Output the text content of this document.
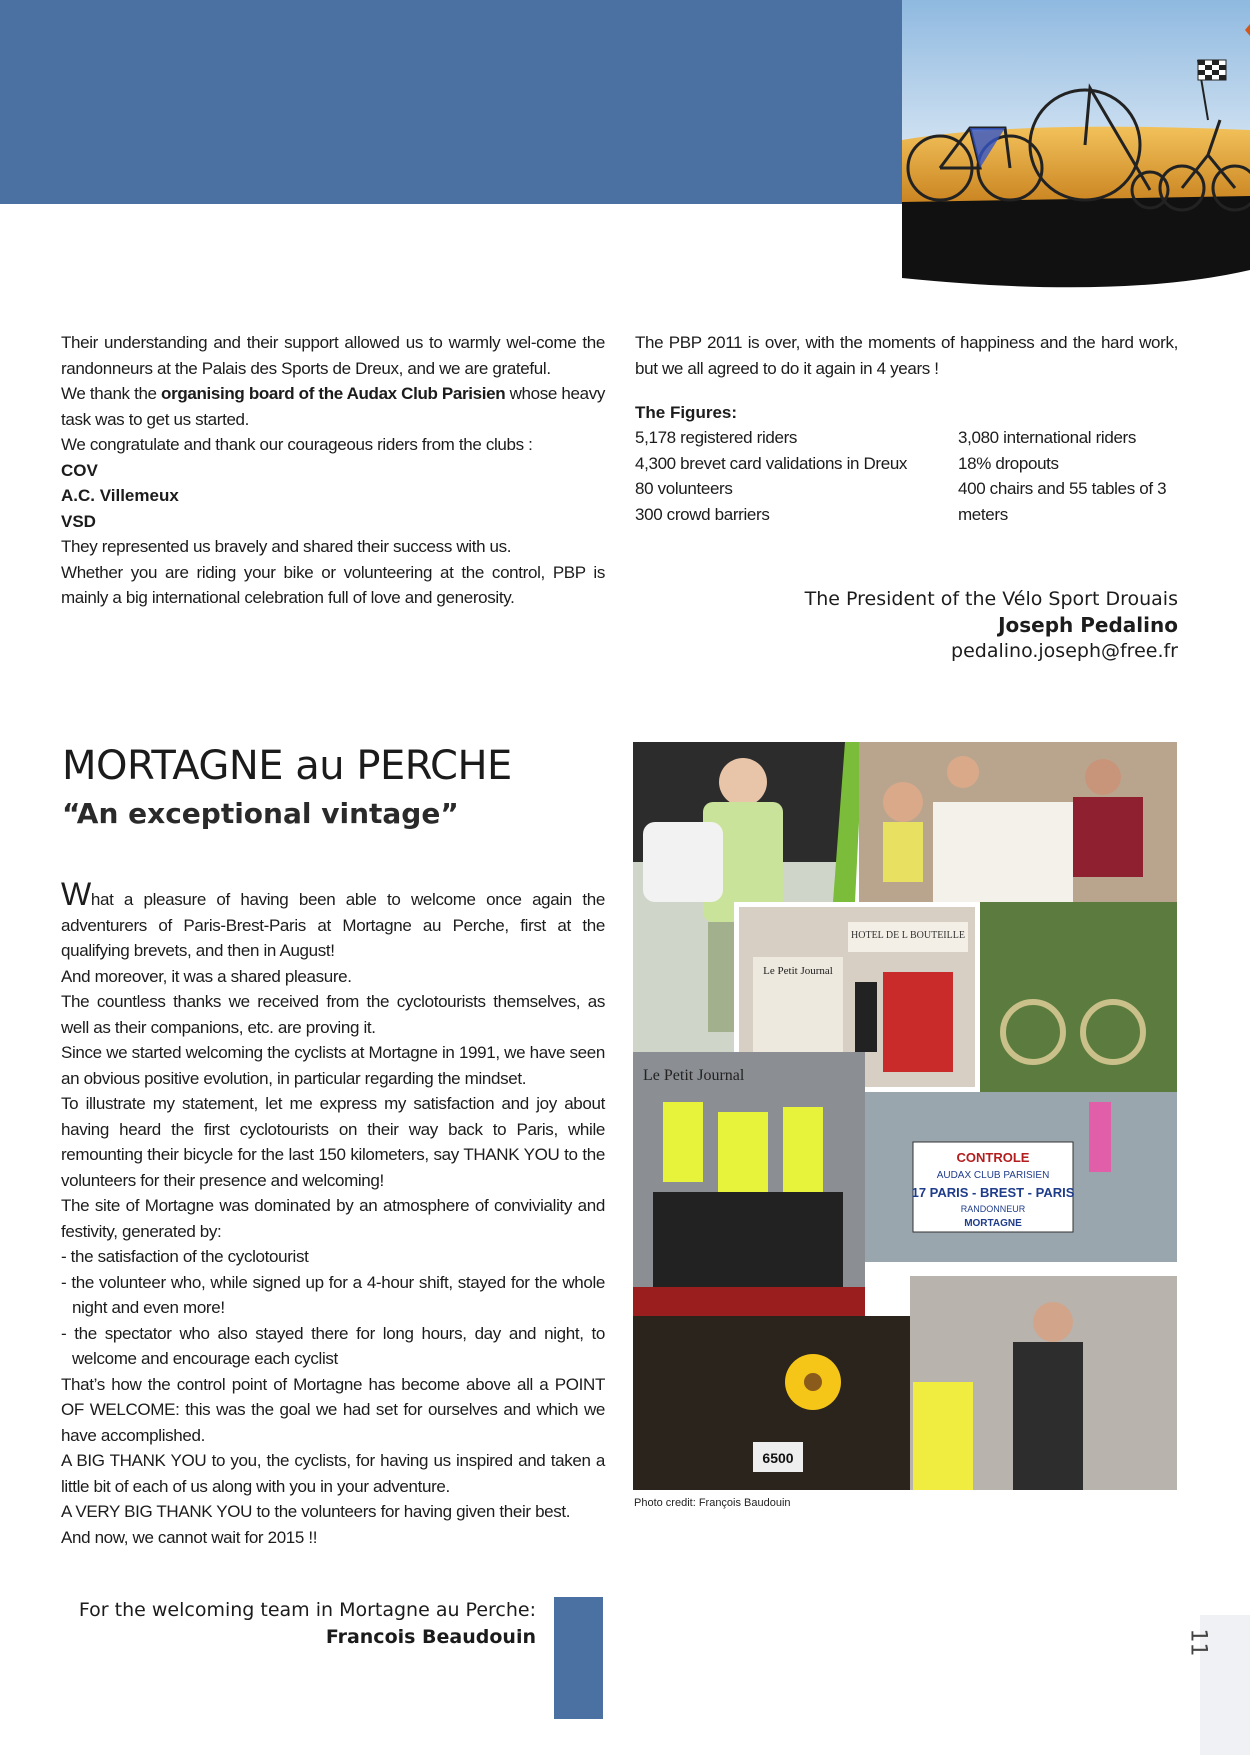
Their understanding and their support allowed us to warmly wel-come the randonneurs at the Palais des Sports de Dreux, and we are grateful.

We thank the organising board of the Audax Club Parisien whose heavy task was to get us started.

We congratulate and thank our courageous riders from the clubs :

COV

A.C. Villemeux

VSD

They represented us bravely and shared their success with us.

Whether you are riding your bike or volunteering at the control, PBP is mainly a big international celebration full of love and generosity.

The PBP 2011 is over, with the moments of happiness and the hard work, but we all agreed to do it again in 4 years !

The Figures:

5,178 registered riders
4,300 brevet card validations in Dreux
80 volunteers
300 crowd barriers
3,080 international riders
18% dropouts
400 chairs and 55 tables of 3 meters
The President of the Vélo Sport Drouais
Joseph Pedalino
pedalino.joseph@free.fr
MORTAGNE au PERCHE
“An exceptional vintage”

What a pleasure of having been able to welcome once again the adventurers of Paris-Brest-Paris at Mortagne au Perche, first at the qualifying brevets, and then in August!

And moreover, it was a shared pleasure.

The countless thanks we received from the cyclotourists themselves, as well as their companions, etc. are proving it.

Since we started welcoming the cyclists at Mortagne in 1991, we have seen an obvious positive evolution, in particular regarding the mindset.

To illustrate my statement, let me express my satisfaction and joy about having heard the first cyclotourists on their way back to Paris, while remounting their bicycle for the last 150 kilometers, say THANK YOU to the volunteers for their presence and welcoming!

The site of Mortagne was dominated by an atmosphere of conviviality and festivity, generated by:

- the satisfaction of the cyclotourist

- the volunteer who, while signed up for a 4-hour shift, stayed for the whole night and even more!

- the spectator who also stayed there for long hours, day and night, to welcome and encourage each cyclist

That’s how the control point of Mortagne has become above all a POINT OF WELCOME: this was the goal we had set for ourselves and which we have accomplished.

A BIG THANK YOU to you, the cyclists, for having us inspired and taken a little bit of each of us along with you in your adventure.

A VERY BIG THANK YOU to the volunteers for having given their best.

And now, we cannot wait for 2015 !!

For the welcoming team in Mortagne au Perche:
Francois Beaudouin
HOTEL DE L BOUTEILLE
Le Petit Journal
Le Petit Journal
CONTROLE
AUDAX CLUB PARISIEN
17 PARIS - BREST - PARIS
RANDONNEUR
MORTAGNE
6500
Photo credit: François Baudouin
11
